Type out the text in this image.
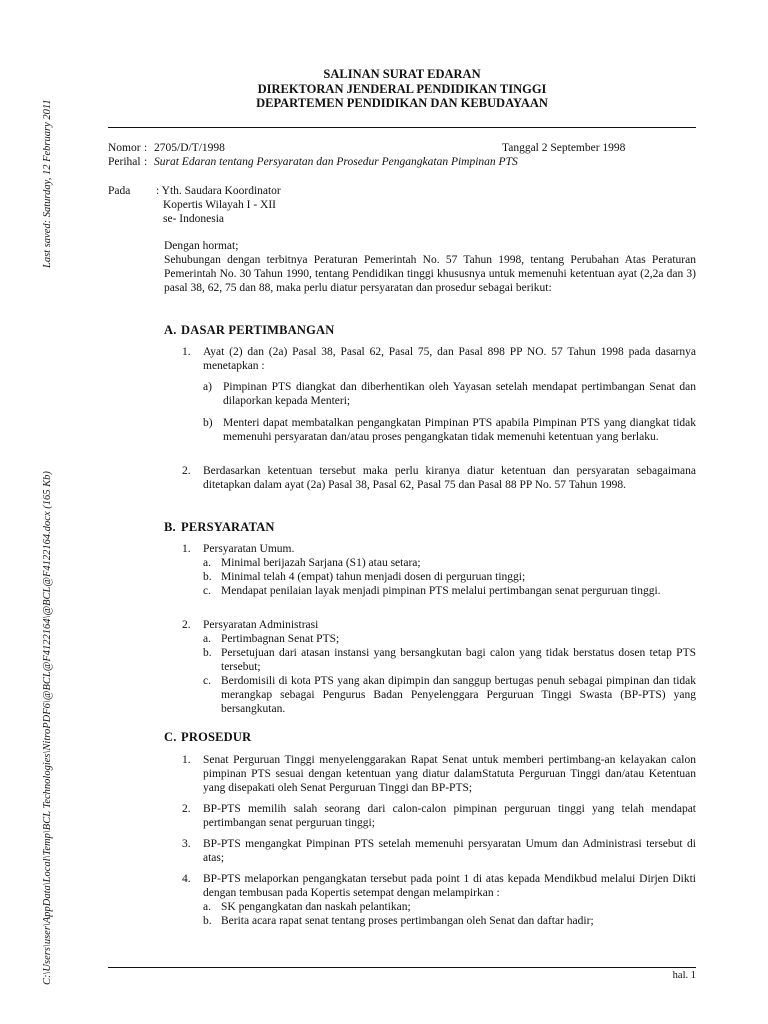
Last saved: Saturday, 12 February 2011
C:\Users\user\AppData\Local\Temp\BCL Technologies\NitroPDF6\@BCL@F4122164\@BCL@F4122164.docx (165 Kb)
SALINAN SURAT EDARAN
DIREKTORAN JENDERAL PENDIDIKAN TINGGI
DEPARTEMEN PENDIDIKAN DAN KEBUDAYAAN
Nomor : 2705/D/T/1998	Tanggal 2 September 1998
Perihal : Surat Edaran tentang Persyaratan dan Prosedur Pengangkatan Pimpinan PTS
Pada	: Yth. Saudara Koordinator
Kopertis Wilayah I - XII
se- Indonesia
Dengan hormat;
Sehubungan dengan terbitnya Peraturan Pemerintah No. 57 Tahun 1998, tentang Perubahan Atas Peraturan Pemerintah No. 30 Tahun 1990, tentang Pendidikan tinggi khususnya untuk memenuhi ketentuan ayat (2,2a dan 3) pasal 38, 62, 75 dan 88, maka perlu diatur persyaratan dan prosedur sebagai berikut:
A. DASAR PERTIMBANGAN
1. Ayat (2) dan (2a) Pasal 38, Pasal 62, Pasal 75, dan Pasal 898 PP NO. 57 Tahun 1998 pada dasarnya menetapkan :
a) Pimpinan PTS diangkat dan diberhentikan oleh Yayasan setelah mendapat pertimbangan Senat dan dilaporkan kepada Menteri;
b) Menteri dapat membatalkan pengangkatan Pimpinan PTS apabila Pimpinan PTS yang diangkat tidak memenuhi persyaratan dan/atau proses pengangkatan tidak memenuhi ketentuan yang berlaku.
2. Berdasarkan ketentuan tersebut maka perlu kiranya diatur ketentuan dan persyaratan sebagaimana ditetapkan dalam ayat (2a) Pasal 38, Pasal 62, Pasal 75 dan Pasal 88 PP No. 57 Tahun 1998.
B. PERSYARATAN
1. Persyaratan Umum.
a. Minimal berijazah Sarjana (S1) atau setara;
b. Minimal telah 4 (empat) tahun menjadi dosen di perguruan tinggi;
c. Mendapat penilaian layak menjadi pimpinan PTS melalui pertimbangan senat perguruan tinggi.
2. Persyaratan Administrasi
a. Pertimbagnan Senat PTS;
b. Persetujuan dari atasan instansi yang bersangkutan bagi calon yang tidak berstatus dosen tetap PTS tersebut;
c. Berdomisili di kota PTS yang akan dipimpin dan sanggup bertugas penuh sebagai pimpinan dan tidak merangkap sebagai Pengurus Badan Penyelenggara Perguruan Tinggi Swasta (BP-PTS) yang bersangkutan.
C. PROSEDUR
1. Senat Perguruan Tinggi menyelenggarakan Rapat Senat untuk memberi pertimbang-an kelayakan calon pimpinan PTS sesuai dengan ketentuan yang diatur dalamStatuta Perguruan Tinggi dan/atau Ketentuan yang disepakati oleh Senat Perguruan Tinggi dan BP-PTS;
2. BP-PTS memilih salah seorang dari calon-calon pimpinan perguruan tinggi yang telah mendapat pertimbangan senat perguruan tinggi;
3. BP-PTS mengangkat Pimpinan PTS setelah memenuhi persyaratan Umum dan Administrasi tersebut di atas;
4. BP-PTS melaporkan pengangkatan tersebut pada point 1 di atas kepada Mendikbud melalui Dirjen Dikti dengan tembusan pada Kopertis setempat dengan melampirkan :
a. SK pengangkatan dan naskah pelantikan;
b. Berita acara rapat senat tentang proses pertimbangan oleh Senat dan daftar hadir;
hal. 1
